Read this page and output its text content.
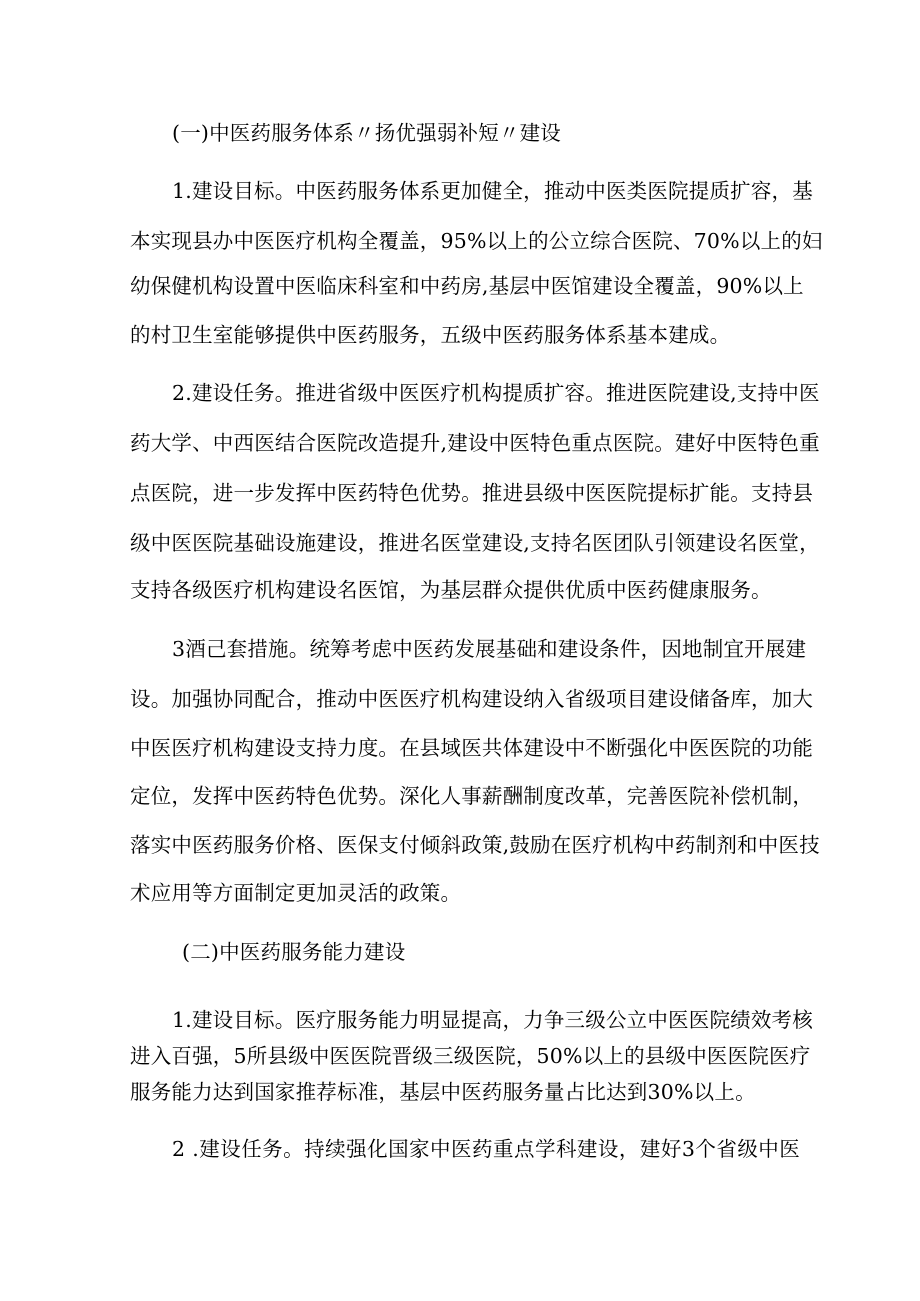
(一)中医药服务体系〃扬优强弱补短〃建设
1.建设目标。中医药服务体系更加健全，推动中医类医院提质扩容，基
本实现县办中医医疗机构全覆盖，95%以上的公立综合医院、70%以上的妇
幼保健机构设置中医临床科室和中药房,基层中医馆建设全覆盖，90%以上
的村卫生室能够提供中医药服务，五级中医药服务体系基本建成。
2.建设任务。推进省级中医医疗机构提质扩容。推进医院建设,支持中医
药大学、中西医结合医院改造提升,建设中医特色重点医院。建好中医特色重
点医院，进一步发挥中医药特色优势。推进县级中医医院提标扩能。支持县
级中医医院基础设施建设，推进名医堂建设,支持名医团队引领建设名医堂，
支持各级医疗机构建设名医馆，为基层群众提供优质中医药健康服务。
3酒己套措施。统筹考虑中医药发展基础和建设条件，因地制宜开展建
设。加强协同配合，推动中医医疗机构建设纳入省级项目建设储备库，加大
中医医疗机构建设支持力度。在县域医共体建设中不断强化中医医院的功能
定位，发挥中医药特色优势。深化人事薪酬制度改革，完善医院补偿机制，
落实中医药服务价格、医保支付倾斜政策,鼓励在医疗机构中药制剂和中医技
术应用等方面制定更加灵活的政策。
(二)中医药服务能力建设
1.建设目标。医疗服务能力明显提高，力争三级公立中医医院绩效考核
进入百强，5所县级中医医院晋级三级医院，50%以上的县级中医医院医疗
服务能力达到国家推荐标准，基层中医药服务量占比达到30%以上。
2 .建设任务。持续强化国家中医药重点学科建设，建好3个省级中医
